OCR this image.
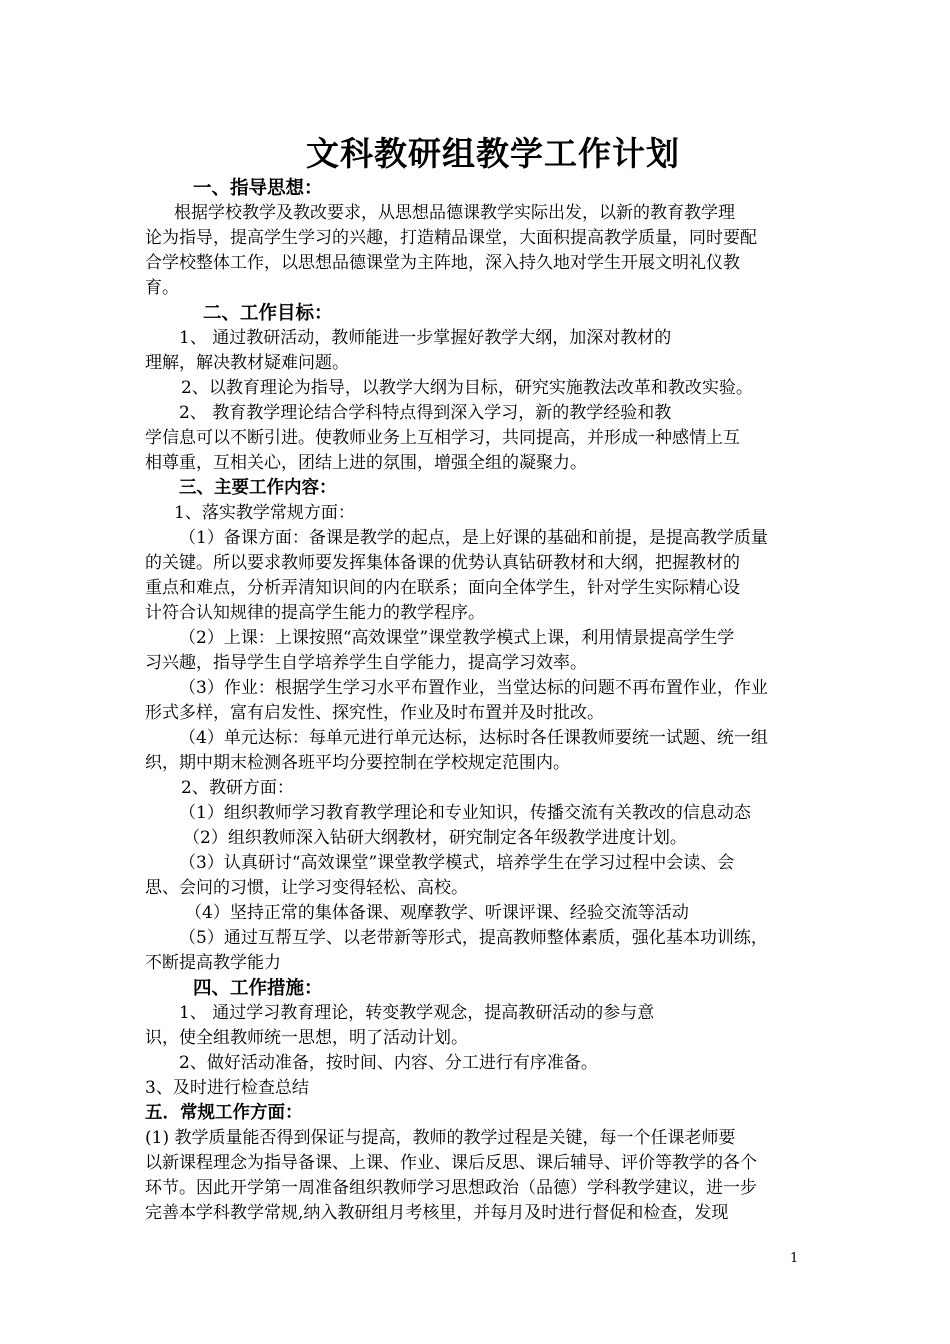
文科教研组教学工作计划

一、指导思想：

根据学校教学及教改要求，从思想品德课教学实际出发，以新的教育教学理

论为指导，提高学生学习的兴趣，打造精品课堂，大面积提高教学质量，同时要配

合学校整体工作，以思想品德课堂为主阵地，深入持久地对学生开展文明礼仪教

育。

二、工作目标：

1、 通过教研活动，教师能进一步掌握好教学大纲，加深对教材的

理解，解决教材疑难问题。

2、以教育理论为指导，以教学大纲为目标，研究实施教法改革和教改实验。

2、 教育教学理论结合学科特点得到深入学习，新的教学经验和教

学信息可以不断引进。使教师业务上互相学习，共同提高，并形成一种感情上互

相尊重，互相关心，团结上进的氛围，增强全组的凝聚力。

三、主要工作内容：

1、落实教学常规方面：

（1）备课方面：备课是教学的起点，是上好课的基础和前提，是提高教学质量

的关键。所以要求教师要发挥集体备课的优势认真钻研教材和大纲，把握教材的

重点和难点，分析弄清知识间的内在联系；面向全体学生，针对学生实际精心设

计符合认知规律的提高学生能力的教学程序。

（2）上课：上课按照“高效课堂”课堂教学模式上课，利用情景提高学生学

习兴趣，指导学生自学培养学生自学能力，提高学习效率。

（3）作业：根据学生学习水平布置作业，当堂达标的问题不再布置作业，作业

形式多样，富有启发性、探究性，作业及时布置并及时批改。

（4）单元达标：每单元进行单元达标，达标时各任课教师要统一试题、统一组

织，期中期末检测各班平均分要控制在学校规定范围内。

2、教研方面：

（1）组织教师学习教育教学理论和专业知识，传播交流有关教改的信息动态

（2）组织教师深入钻研大纲教材，研究制定各年级教学进度计划。

（3）认真研讨“高效课堂”课堂教学模式，培养学生在学习过程中会读、会

思、会问的习惯，让学习变得轻松、高校。

（4）坚持正常的集体备课、观摩教学、听课评课、经验交流等活动

（5）通过互帮互学、以老带新等形式，提高教师整体素质，强化基本功训练，

不断提高教学能力

四、工作措施：

1、 通过学习教育理论，转变教学观念，提高教研活动的参与意

识，使全组教师统一思想，明了活动计划。

2、做好活动准备，按时间、内容、分工进行有序准备。

3、及时进行检查总结

五．常规工作方面：

(1) 教学质量能否得到保证与提高，教师的教学过程是关键，每一个任课老师要

以新课程理念为指导备课、上课、作业、课后反思、课后辅导、评价等教学的各个

环节。因此开学第一周准备组织教师学习思想政治（品德）学科教学建议，进一步

完善本学科教学常规,纳入教研组月考核里，并每月及时进行督促和检查，发现

1
